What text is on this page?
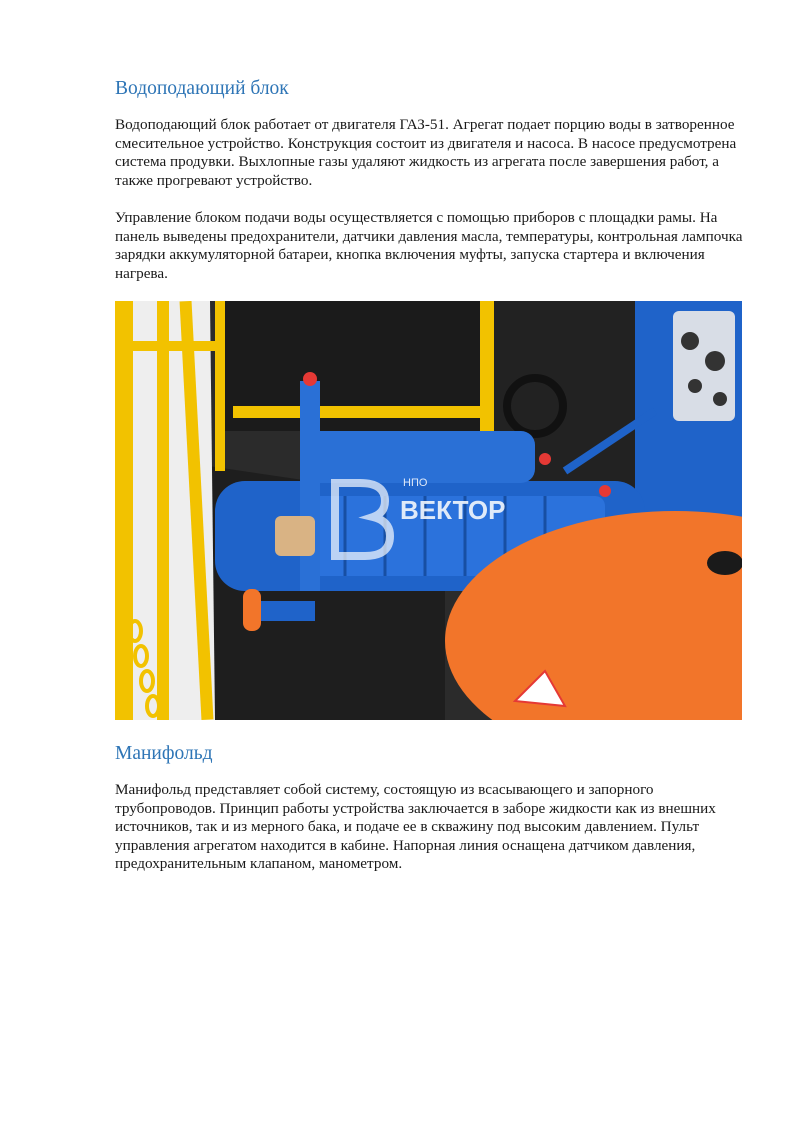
Водоподающий блок

Водоподающий блок работает от двигателя ГАЗ-51. Агрегат подает порцию воды в затворенное смесительное устройство. Конструкция состоит из двигателя и насоса. В насосе предусмотрена система продувки. Выхлопные газы удаляют жидкость из агрегата после завершения работ, а также прогревают устройство.

Управление блоком подачи воды осуществляется с помощью приборов с площадки рамы. На панель выведены предохранители, датчики давления масла, температуры, контрольная лампочка зарядки аккумуляторной батареи, кнопка включения муфты, запуска стартера и включения нагрева.

НПО
ВЕКТОР
Манифольд

Манифольд представляет собой систему, состоящую из всасывающего и запорного трубопроводов. Принцип работы устройства заключается в заборе жидкости как из внешних источников, так и из мерного бака, и подаче ее в скважину под высоким давлением. Пульт управления агрегатом находится в кабине. Напорная линия оснащена датчиком давления, предохранительным клапаном, манометром.
